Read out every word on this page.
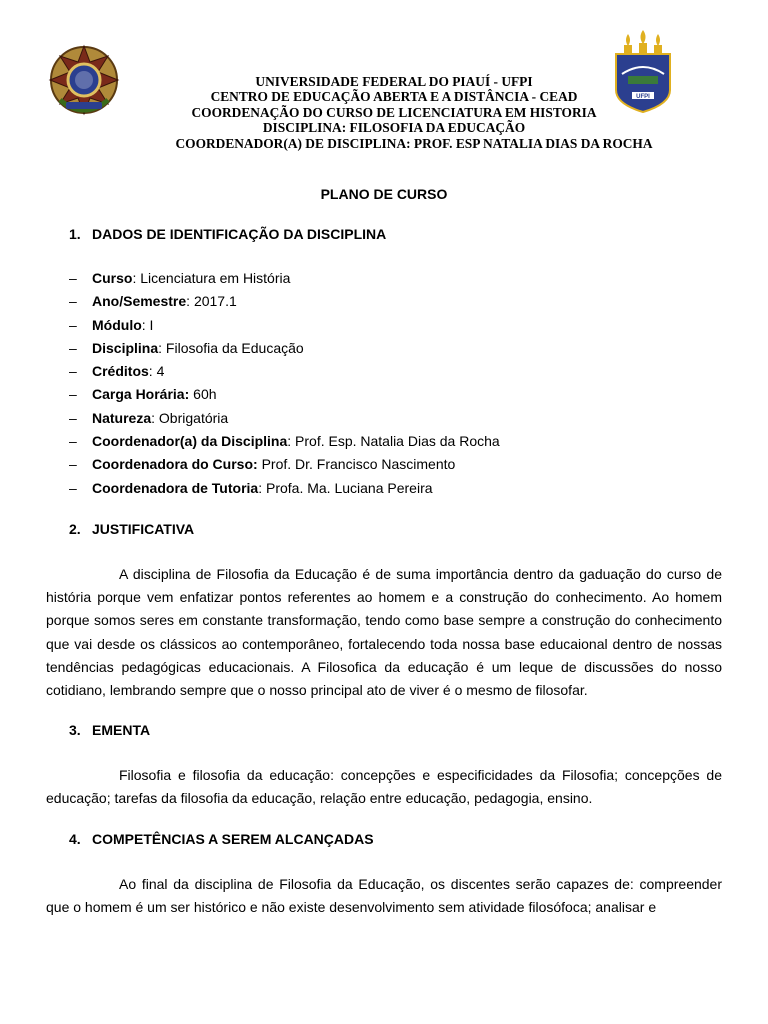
UFPI
UNIVERSIDADE FEDERAL DO PIAUÍ - UFPI
CENTRO DE EDUCAÇÃO ABERTA E A DISTÂNCIA - CEAD
COORDENAÇÃO DO CURSO DE LICENCIATURA EM HISTORIA
DISCIPLINA: FILOSOFIA DA EDUCAÇÃO
COORDENADOR(A) DE DISCIPLINA: PROF. ESP NATALIA DIAS DA ROCHA
PLANO DE CURSO
1. DADOS DE IDENTIFICAÇÃO DA DISCIPLINA
–	Curso: Licenciatura em História
–	Ano/Semestre: 2017.1
–	Módulo: I
–	Disciplina: Filosofia da Educação
–	Créditos: 4
–	Carga Horária: 60h
–	Natureza: Obrigatória
–	Coordenador(a) da Disciplina: Prof. Esp. Natalia Dias da Rocha
–	Coordenadora do Curso: Prof. Dr. Francisco Nascimento
–	Coordenadora de Tutoria: Profa. Ma. Luciana Pereira
2. JUSTIFICATIVA

A disciplina de Filosofia da Educação é de suma importância dentro da gaduação do curso de história porque vem enfatizar pontos referentes ao homem e a construção do conhecimento. Ao homem porque somos seres em constante transformação, tendo como base sempre a construção do conhecimento que vai desde os clássicos ao contemporâneo, fortalecendo toda nossa base educaional dentro de nossas tendências pedagógicas educacionais. A Filosofica da educação é um leque de discussões do nosso cotidiano, lembrando sempre que o nosso principal ato de viver é o mesmo de filosofar.

3. EMENTA

Filosofia e filosofia da educação: concepções e especificidades da Filosofia; concepções de educação; tarefas da filosofia da educação, relação entre educação, pedagogia, ensino.

4. COMPETÊNCIAS A SEREM ALCANÇADAS

Ao final da disciplina de Filosofia da Educação, os discentes serão capazes de: compreender que o homem é um ser histórico e não existe desenvolvimento sem atividade filosófoca; analisar e
